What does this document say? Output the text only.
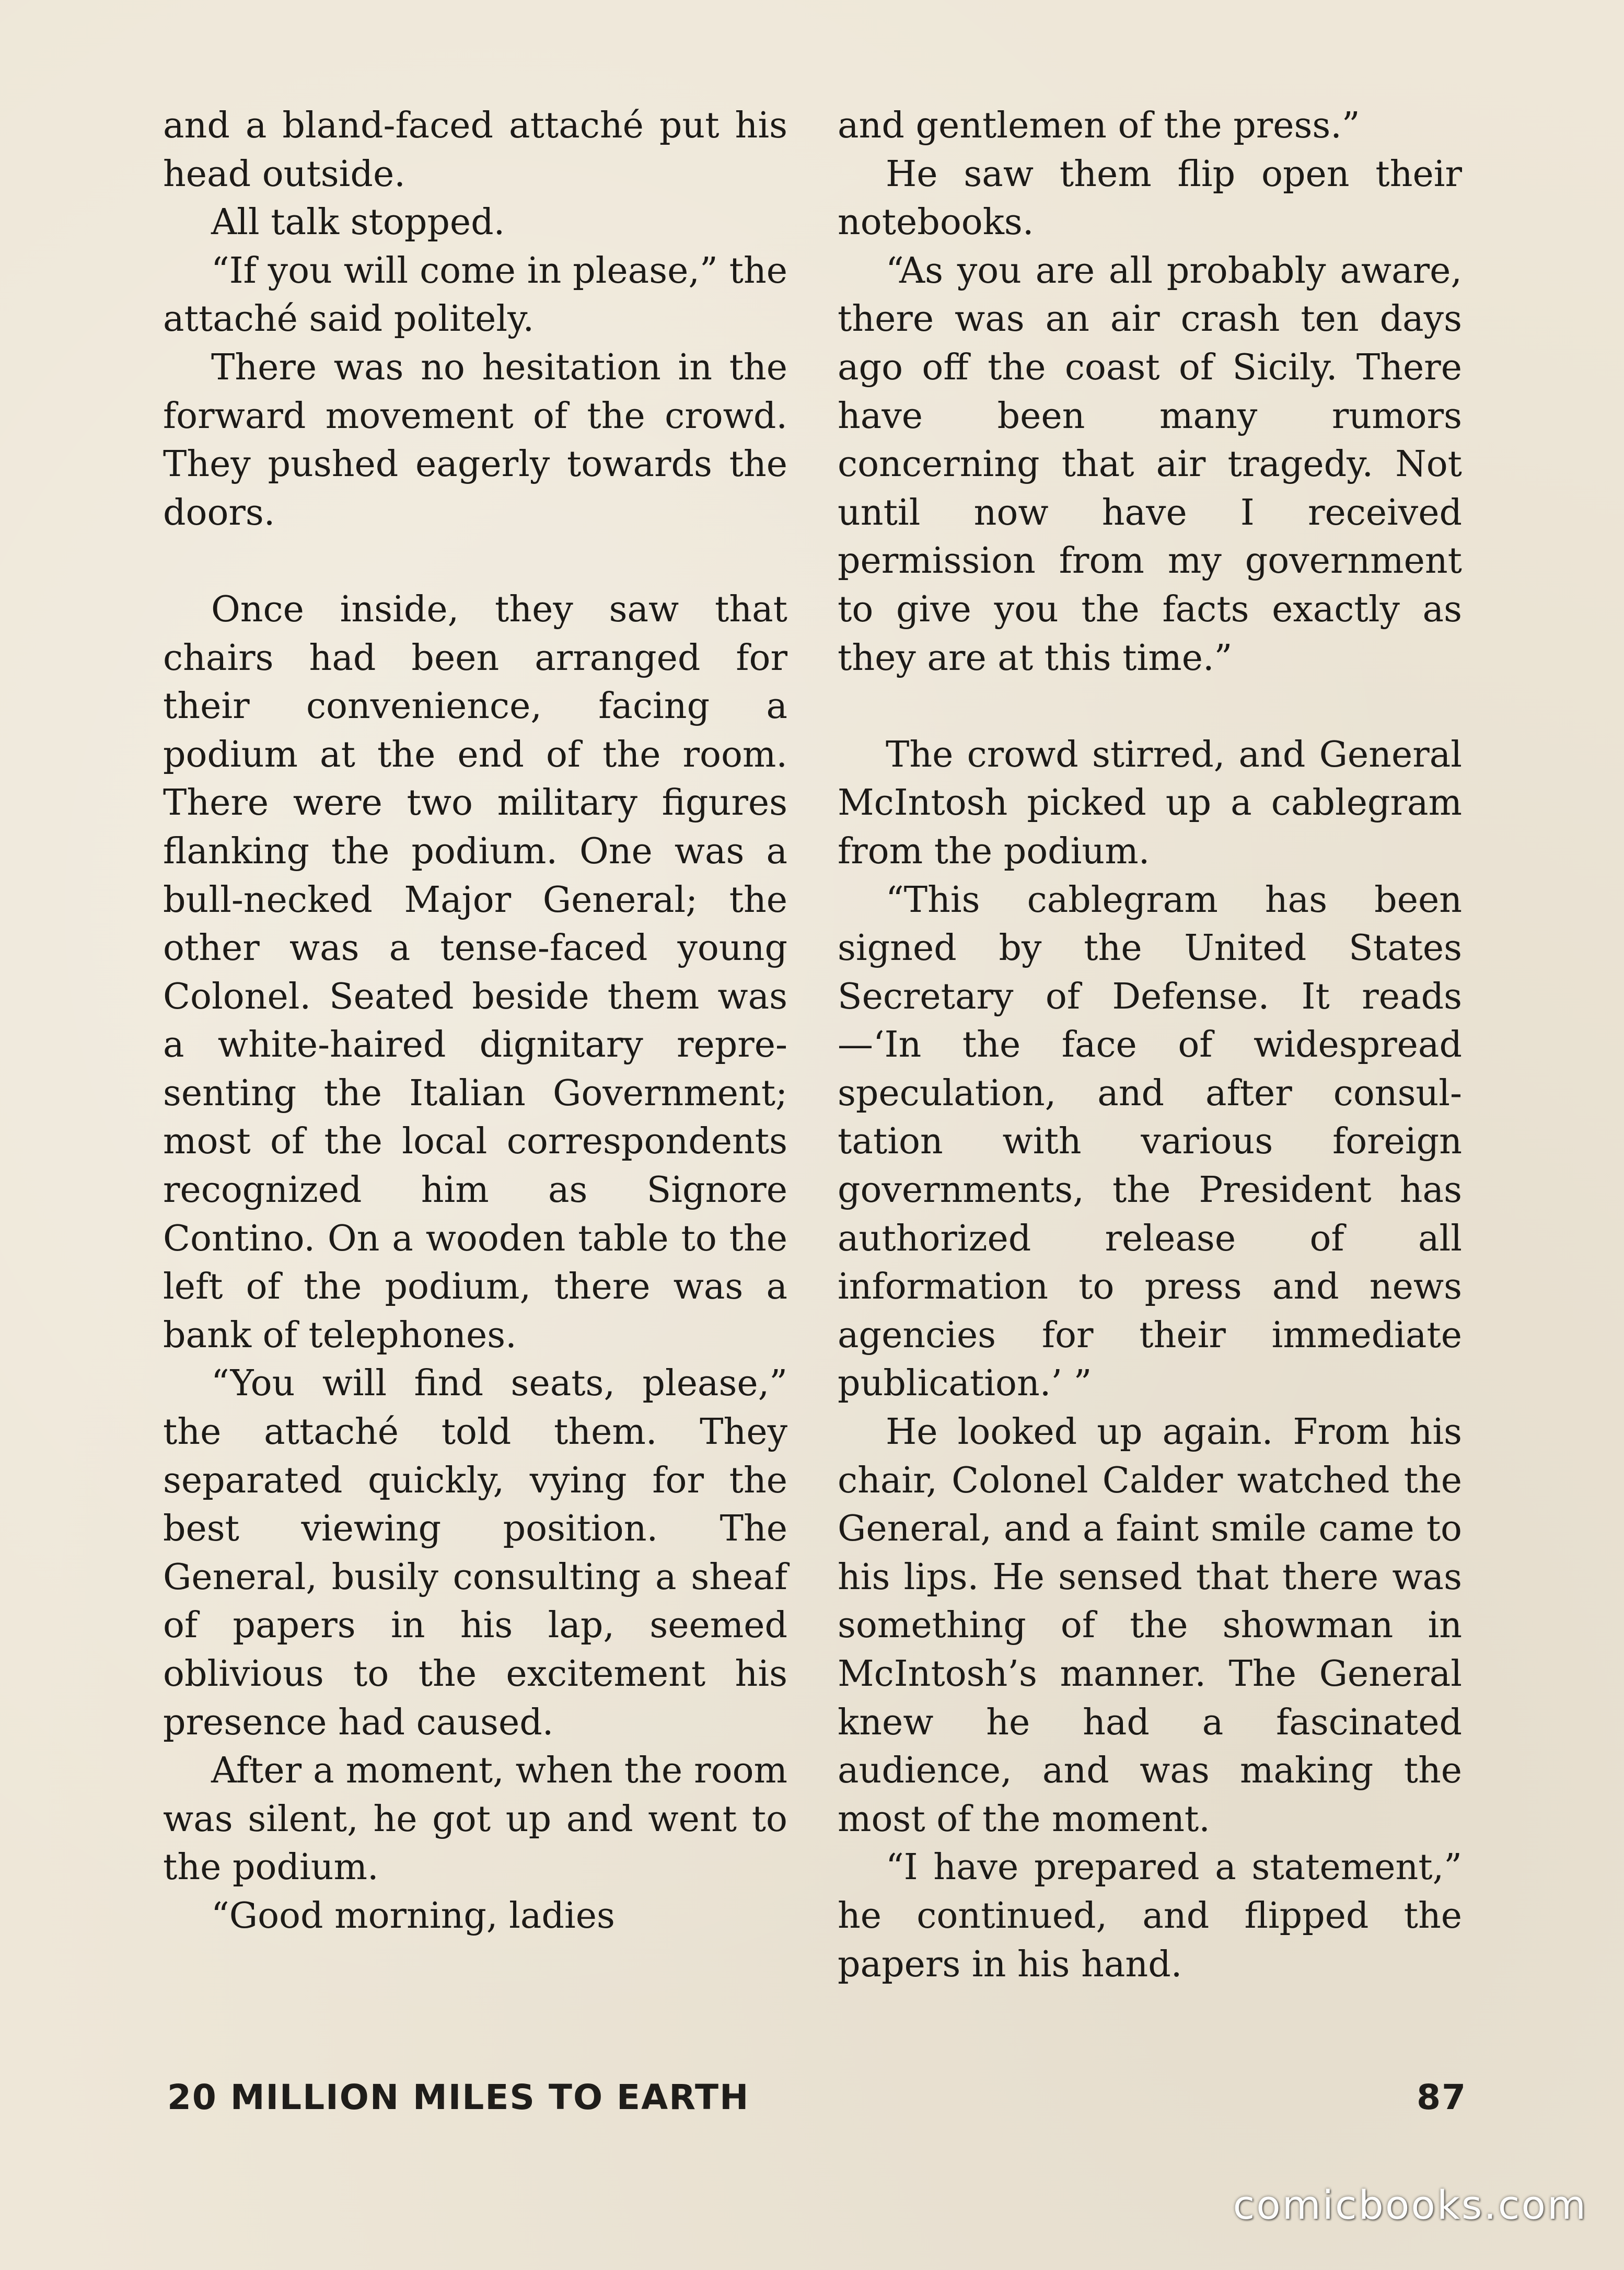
and a bland-faced attaché put his head outside.

All talk stopped.

“If you will come in please,” the attaché said politely.

There was no hesitation in the forward movement of the crowd. They pushed eagerly towards the doors.

Once inside, they saw that chairs had been arranged for their convenience, facing a podium at the end of the room. There were two military figures flanking the podium. One was a bull-necked Major General; the other was a tense-faced young Colonel. Seated beside them was a white-haired dignitary representing the Italian Government; most of the local correspondents recognized him as Signore Contino. On a wooden table to the left of the podium, there was a bank of telephones.

“You will find seats, please,” the attaché told them. They separated quickly, vying for the best viewing position. The General, busily consulting a sheaf of papers in his lap, seemed oblivious to the excitement his presence had caused.

After a moment, when the room was silent, he got up and went to the podium.

“Good morning, ladies

and gentlemen of the press.”

He saw them flip open their notebooks.

“As you are all probably aware, there was an air crash ten days ago off the coast of Sicily. There have been many rumors concerning that air tragedy. Not until now have I received permission from my government to give you the facts exactly as they are at this time.”

The crowd stirred, and General McIntosh picked up a cablegram from the podium.

“This cablegram has been signed by the United States Secretary of Defense. It reads —‘In the face of widespread speculation, and after consultation with various foreign governments, the President has authorized release of all information to press and news agencies for their immediate publication.’ ”

He looked up again. From his chair, Colonel Calder watched the General, and a faint smile came to his lips. He sensed that there was something of the showman in McIntosh’s manner. The General knew he had a fascinated audience, and was making the most of the moment.

“I have prepared a statement,” he continued, and flipped the papers in his hand.

20 MILLION MILES TO EARTH	87
comicbooks.com
